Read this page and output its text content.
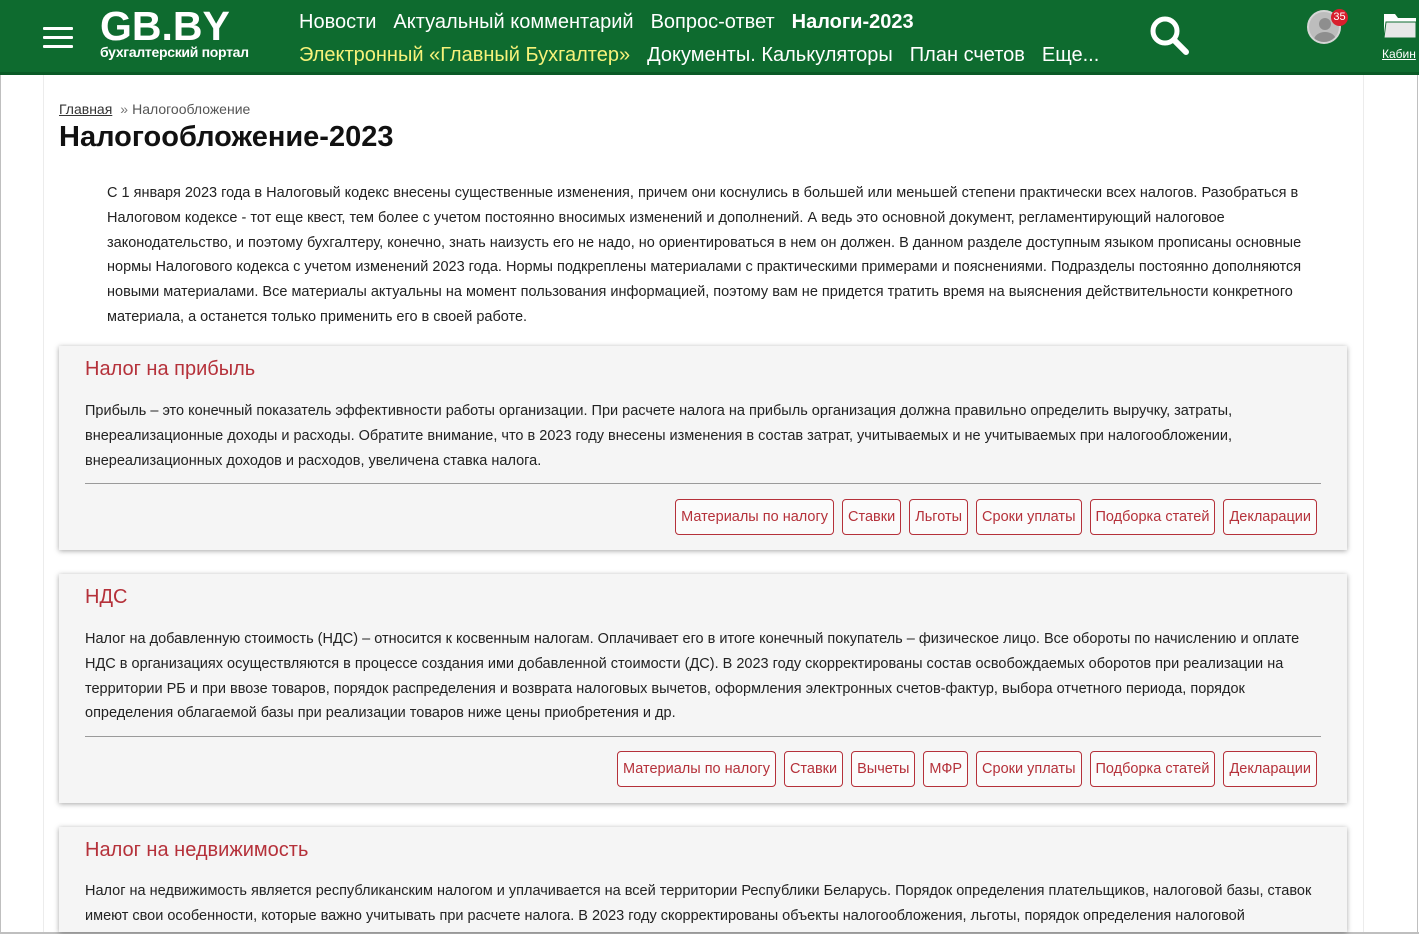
GB.BY
бухгалтерский портал
Новости Актуальный комментарий Вопрос-ответ Налоги-2023
Электронный «Главный Бухгалтер» Документы. Калькуляторы План счетов Еще...
35
Кабин
Главная » Налогообложение
Налогообложение-2023
С 1 января 2023 года в Налоговый кодекс внесены существенные изменения, причем они коснулись в большей или меньшей степени практически всех налогов. Разобраться в Налоговом кодексе - тот еще квест, тем более с учетом постоянно вносимых изменений и дополнений. А ведь это основной документ, регламентирующий налоговое законодательство, и поэтому бухгалтеру, конечно, знать наизусть его не надо, но ориентироваться в нем он должен. В данном разделе доступным языком прописаны основные нормы Налогового кодекса с учетом изменений 2023 года. Нормы подкреплены материалами с практическими примерами и пояснениями. Подразделы постоянно дополняются новыми материалами. Все материалы актуальны на момент пользования информацией, поэтому вам не придется тратить время на выяснения действительности конкретного материала, а останется только применить его в своей работе.
Налог на прибыль

Прибыль – это конечный показатель эффективности работы организации. При расчете налога на прибыль организация должна правильно определить выручку, затраты, внереализационные доходы и расходы. Обратите внимание, что в 2023 году внесены изменения в состав затрат, учитываемых и не учитываемых при налогообложении, внереализационных доходов и расходов, увеличена ставка налога.

Материалы по налогу	Ставки	Льготы	Сроки уплаты	Подборка статей	Декларации
НДС

Налог на добавленную стоимость (НДС) – относится к косвенным налогам. Оплачивает его в итоге конечный покупатель – физическое лицо. Все обороты по начислению и оплате НДС в организациях осуществляются в процессе создания ими добавленной стоимости (ДС). В 2023 году скорректированы состав освобождаемых оборотов при реализации на территории РБ и при ввозе товаров, порядок распределения и возврата налоговых вычетов, оформления электронных счетов-фактур, выбора отчетного периода, порядок определения облагаемой базы при реализации товаров ниже цены приобретения и др.

Материалы по налогу	Ставки	Вычеты	МФР	Сроки уплаты	Подборка статей	Декларации
Налог на недвижимость

Налог на недвижимость является республиканским налогом и уплачивается на всей территории Республики Беларусь. Порядок определения плательщиков, налоговой базы, ставок имеют свои особенности, которые важно учитывать при расчете налога. В 2023 году скорректированы объекты налогообложения, льготы, порядок определения налоговой
